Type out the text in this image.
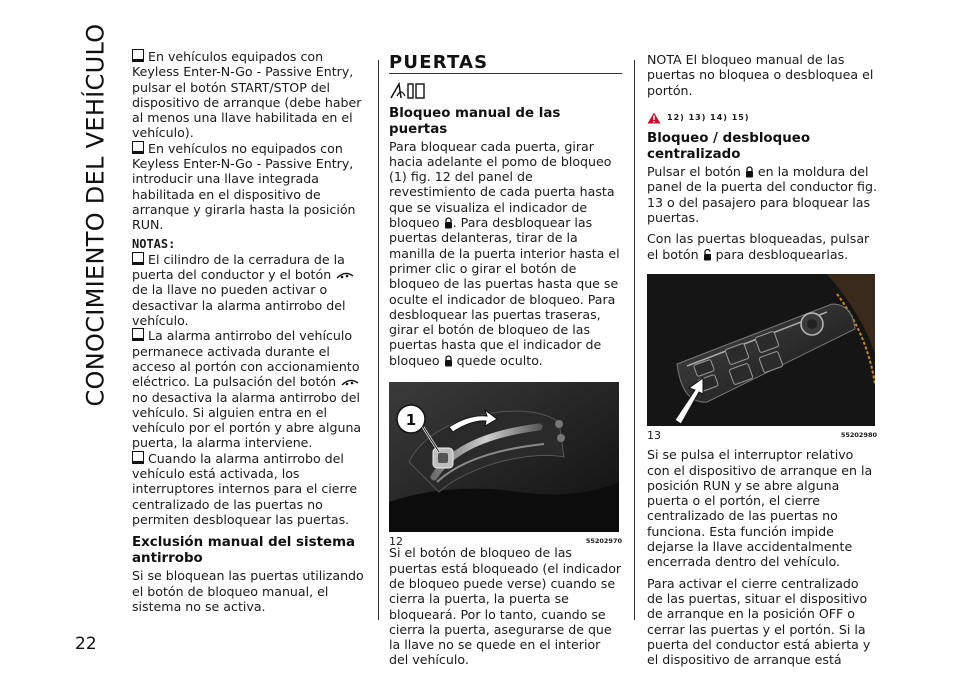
CONOCIMIENTO DEL VEHÍCULO
22

En vehículos equipados con Keyless Enter-N-Go - Passive Entry, pulsar el botón START/STOP del dispositivo de arranque (debe haber al menos una llave habilitada en el vehículo).

En vehículos no equipados con Keyless Enter-N-Go - Passive Entry, introducir una llave integrada habilitada en el dispositivo de arranque y girarla hasta la posición RUN.

NOTAS:

El cilindro de la cerradura de la puerta del conductor y el botón  de la llave no pueden activar o desactivar la alarma antirrobo del vehículo.

La alarma antirrobo del vehículo permanece activada durante el acceso al portón con accionamiento eléctrico. La pulsación del botón  no desactiva la alarma antirrobo del vehículo. Si alguien entra en el vehículo por el portón y abre alguna puerta, la alarma interviene.

Cuando la alarma antirrobo del vehículo está activada, los interruptores internos para el cierre centralizado de las puertas no permiten desbloquear las puertas.

Exclusión manual del sistema antirrobo

Si se bloquean las puertas utilizando el botón de bloqueo manual, el sistema no se activa.

PUERTAS
Bloqueo manual de las puertas

Para bloquear cada puerta, girar hacia adelante el pomo de bloqueo (1) fig. 12 del panel de revestimiento de cada puerta hasta que se visualiza el indicador de bloqueo . Para desbloquear las puertas delanteras, tirar de la manilla de la puerta interior hasta el primer clic o girar el botón de bloqueo de las puertas hasta que se oculte el indicador de bloqueo. Para desbloquear las puertas traseras, girar el botón de bloqueo de las puertas hasta que el indicador de bloqueo quede oculto.

1
12	55202970

Si el botón de bloqueo de las puertas está bloqueado (el indicador de bloqueo puede verse) cuando se cierra la puerta, la puerta se bloqueará. Por lo tanto, cuando se cierra la puerta, asegurarse de que la llave no se quede en el interior del vehículo.

NOTA El bloqueo manual de las puertas no bloquea o desbloquea el portón.

12) 13) 14) 15)
Bloqueo / desbloqueo centralizado

Pulsar el botón en la moldura del panel de la puerta del conductor fig. 13 o del pasajero para bloquear las puertas.

Con las puertas bloqueadas, pulsar el botón para desbloquearlas.

13	55202980

Si se pulsa el interruptor relativo con el dispositivo de arranque en la posición RUN y se abre alguna puerta o el portón, el cierre centralizado de las puertas no funciona. Esta función impide dejarse la llave accidentalmente encerrada dentro del vehículo.

Para activar el cierre centralizado de las puertas, situar el dispositivo de arranque en la posición OFF o cerrar las puertas y el portón. Si la puerta del conductor está abierta y el dispositivo de arranque está
